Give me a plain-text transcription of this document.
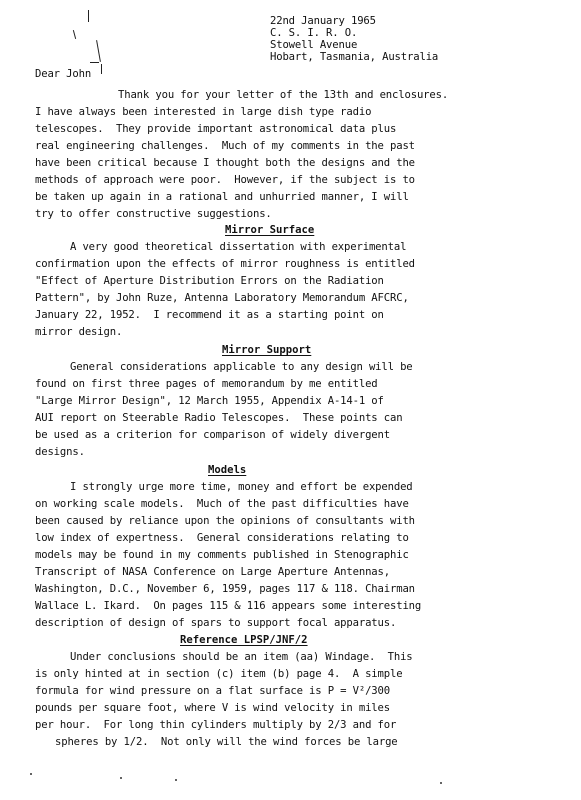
22nd January 1965
C. S. I. R. O.
Stowell Avenue
Hobart, Tasmania, Australia
Dear John
Thank you for your letter of the 13th and enclosures.
I have always been interested in large dish type radio
telescopes.  They provide important astronomical data plus
real engineering challenges.  Much of my comments in the past
have been critical because I thought both the designs and the
methods of approach were poor.  However, if the subject is to
be taken up again in a rational and unhurried manner, I will
try to offer constructive suggestions.
Mirror Surface
A very good theoretical dissertation with experimental
confirmation upon the effects of mirror roughness is entitled
"Effect of Aperture Distribution Errors on the Radiation
Pattern", by John Ruze, Antenna Laboratory Memorandum AFCRC,
January 22, 1952.  I recommend it as a starting point on
mirror design.
Mirror Support
General considerations applicable to any design will be
found on first three pages of memorandum by me entitled
"Large Mirror Design", 12 March 1955, Appendix A-14-1 of
AUI report on Steerable Radio Telescopes.  These points can
be used as a criterion for comparison of widely divergent
designs.
Models
I strongly urge more time, money and effort be expended
on working scale models.  Much of the past difficulties have
been caused by reliance upon the opinions of consultants with
low index of expertness.  General considerations relating to
models may be found in my comments published in Stenographic
Transcript of NASA Conference on Large Aperture Antennas,
Washington, D.C., November 6, 1959, pages 117 & 118. Chairman
Wallace L. Ikard.  On pages 115 & 116 appears some interesting
description of design of spars to support focal apparatus.
Reference LPSP/JNF/2
Under conclusions should be an item (aa) Windage.  This
is only hinted at in section (c) item (b) page 4.  A simple
formula for wind pressure on a flat surface is P = V²/300
pounds per square foot, where V is wind velocity in miles
per hour.  For long thin cylinders multiply by 2/3 and for
spheres by 1/2.  Not only will the wind forces be large
